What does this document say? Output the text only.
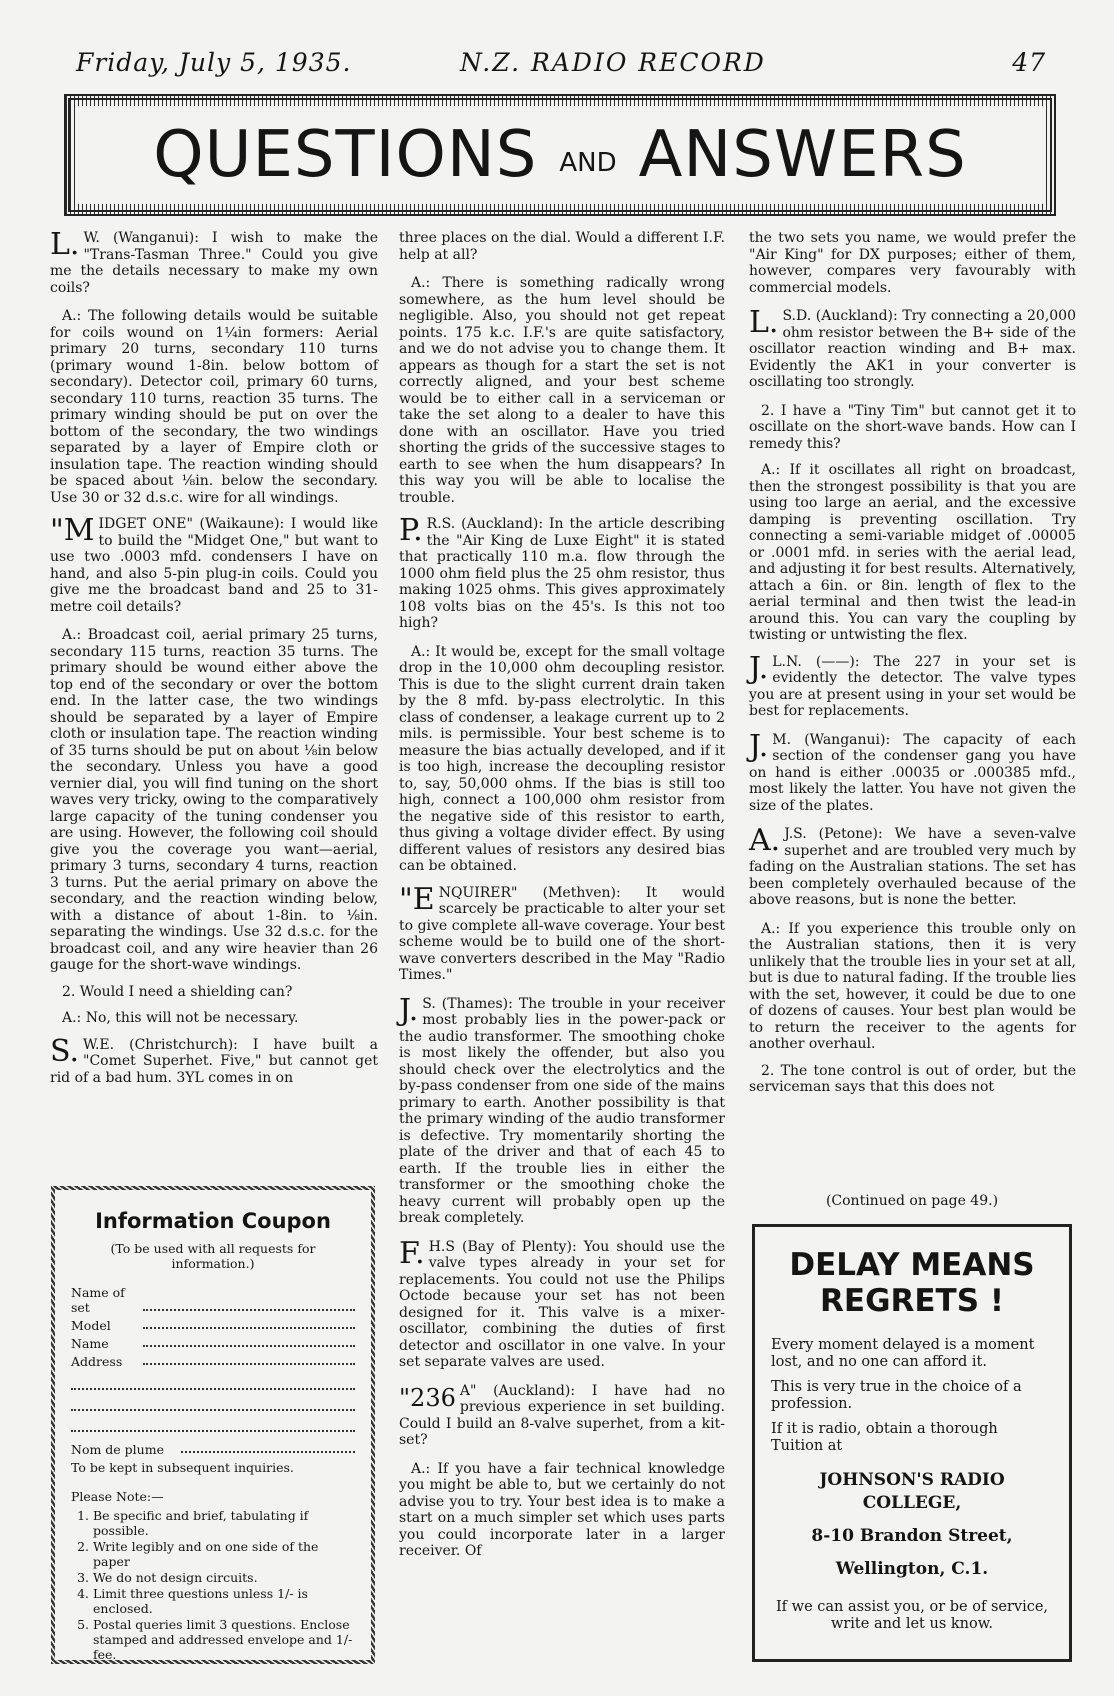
Friday, July 5, 1935.	N.Z. RADIO RECORD	47
QUESTIONS AND ANSWERS

L. W. (Wanganui): I wish to make the "Trans-Tasman Three." Could you give me the details necessary to make my own coils?

A.: The following details would be suitable for coils wound on 1¼in formers: Aerial primary 20 turns, secondary 110 turns (primary wound 1-8in. below bottom of secondary). Detector coil, primary 60 turns, secondary 110 turns, reaction 35 turns. The primary winding should be put on over the bottom of the secondary, the two windings separated by a layer of Empire cloth or insulation tape. The reaction winding should be spaced about ⅛in. below the secondary. Use 30 or 32 d.s.c. wire for all windings.

"MIDGET ONE" (Waikaune): I would like to build the "Midget One," but want to use two .0003 mfd. condensers I have on hand, and also 5-pin plug-in coils. Could you give me the broadcast band and 25 to 31-metre coil details?

A.: Broadcast coil, aerial primary 25 turns, secondary 115 turns, reaction 35 turns. The primary should be wound either above the top end of the secondary or over the bottom end. In the latter case, the two windings should be separated by a layer of Empire cloth or insulation tape. The reaction winding of 35 turns should be put on about ⅛in below the secondary. Unless you have a good vernier dial, you will find tuning on the short waves very tricky, owing to the comparatively large capacity of the tuning condenser you are using. However, the following coil should give you the coverage you want—aerial, primary 3 turns, secondary 4 turns, reaction 3 turns. Put the aerial primary on above the secondary, and the reaction winding below, with a distance of about 1-8in. to ⅛in. separating the windings. Use 32 d.s.c. for the broadcast coil, and any wire heavier than 26 gauge for the short-wave windings.

2. Would I need a shielding can?

A.: No, this will not be necessary.

S. W.E. (Christchurch): I have built a "Comet Superhet. Five," but cannot get rid of a bad hum. 3YL comes in on

Information Coupon
(To be used with all requests for information.)
Name of set
Model
Name
Address
Nom de plume
To be kept in subsequent inquiries.
Please Note:—
1. Be specific and brief, tabulating if possible.
2. Write legibly and on one side of the paper
3. We do not design circuits.
4. Limit three questions unless 1/- is enclosed.
5. Postal queries limit 3 questions. Enclose stamped and addressed envelope and 1/- fee.

three places on the dial. Would a different I.F. help at all?

A.: There is something radically wrong somewhere, as the hum level should be negligible. Also, you should not get repeat points. 175 k.c. I.F.'s are quite satisfactory, and we do not advise you to change them. It appears as though for a start the set is not correctly aligned, and your best scheme would be to either call in a serviceman or take the set along to a dealer to have this done with an oscillator. Have you tried shorting the grids of the successive stages to earth to see when the hum disappears? In this way you will be able to localise the trouble.

P. R.S. (Auckland): In the article describing the "Air King de Luxe Eight" it is stated that practically 110 m.a. flow through the 1000 ohm field plus the 25 ohm resistor, thus making 1025 ohms. This gives approximately 108 volts bias on the 45's. Is this not too high?

A.: It would be, except for the small voltage drop in the 10,000 ohm decoupling resistor. This is due to the slight current drain taken by the 8 mfd. by-pass electrolytic. In this class of condenser, a leakage current up to 2 mils. is permissible. Your best scheme is to measure the bias actually developed, and if it is too high, increase the decoupling resistor to, say, 50,000 ohms. If the bias is still too high, connect a 100,000 ohm resistor from the negative side of this resistor to earth, thus giving a voltage divider effect. By using different values of resistors any desired bias can be obtained.

"ENQUIRER" (Methven): It would scarcely be practicable to alter your set to give complete all-wave coverage. Your best scheme would be to build one of the short-wave converters described in the May "Radio Times."

J. S. (Thames): The trouble in your receiver most probably lies in the power-pack or the audio transformer. The smoothing choke is most likely the offender, but also you should check over the electrolytics and the by-pass condenser from one side of the mains primary to earth. Another possibility is that the primary winding of the audio transformer is defective. Try momentarily shorting the plate of the driver and that of each 45 to earth. If the trouble lies in either the transformer or the smoothing choke the heavy current will probably open up the break completely.

F. H.S (Bay of Plenty): You should use the valve types already in your set for replacements. You could not use the Philips Octode because your set has not been designed for it. This valve is a mixer-oscillator, combining the duties of first detector and oscillator in one valve. In your set separate valves are used.

"236 A" (Auckland): I have had no previous experience in set building. Could I build an 8-valve superhet, from a kit-set?

A.: If you have a fair technical knowledge you might be able to, but we certainly do not advise you to try. Your best idea is to make a start on a much simpler set which uses parts you could incorporate later in a larger receiver. Of

the two sets you name, we would prefer the "Air King" for DX purposes; either of them, however, compares very favourably with commercial models.

L. S.D. (Auckland): Try connecting a 20,000 ohm resistor between the B+ side of the oscillator reaction winding and B+ max. Evidently the AK1 in your converter is oscillating too strongly.

2. I have a "Tiny Tim" but cannot get it to oscillate on the short-wave bands. How can I remedy this?

A.: If it oscillates all right on broadcast, then the strongest possibility is that you are using too large an aerial, and the excessive damping is preventing oscillation. Try connecting a semi-variable midget of .00005 or .0001 mfd. in series with the aerial lead, and adjusting it for best results. Alternatively, attach a 6in. or 8in. length of flex to the aerial terminal and then twist the lead-in around this. You can vary the coupling by twisting or untwisting the flex.

J. L.N. (——): The 227 in your set is evidently the detector. The valve types you are at present using in your set would be best for replacements.

J. M. (Wanganui): The capacity of each section of the condenser gang you have on hand is either .00035 or .000385 mfd., most likely the latter. You have not given the size of the plates.

A. J.S. (Petone): We have a seven-valve superhet and are troubled very much by fading on the Australian stations. The set has been completely overhauled because of the above reasons, but is none the better.

A.: If you experience this trouble only on the Australian stations, then it is very unlikely that the trouble lies in your set at all, but is due to natural fading. If the trouble lies with the set, however, it could be due to one of dozens of causes. Your best plan would be to return the receiver to the agents for another overhaul.

2. The tone control is out of order, but the serviceman says that this does not

(Continued on page 49.)
DELAY MEANS REGRETS !

Every moment delayed is a moment lost, and no one can afford it.

This is very true in the choice of a profession.

If it is radio, obtain a thorough Tuition at

JOHNSON'S RADIO COLLEGE,
8-10 Brandon Street,
Wellington, C.1.

If we can assist you, or be of service, write and let us know.
